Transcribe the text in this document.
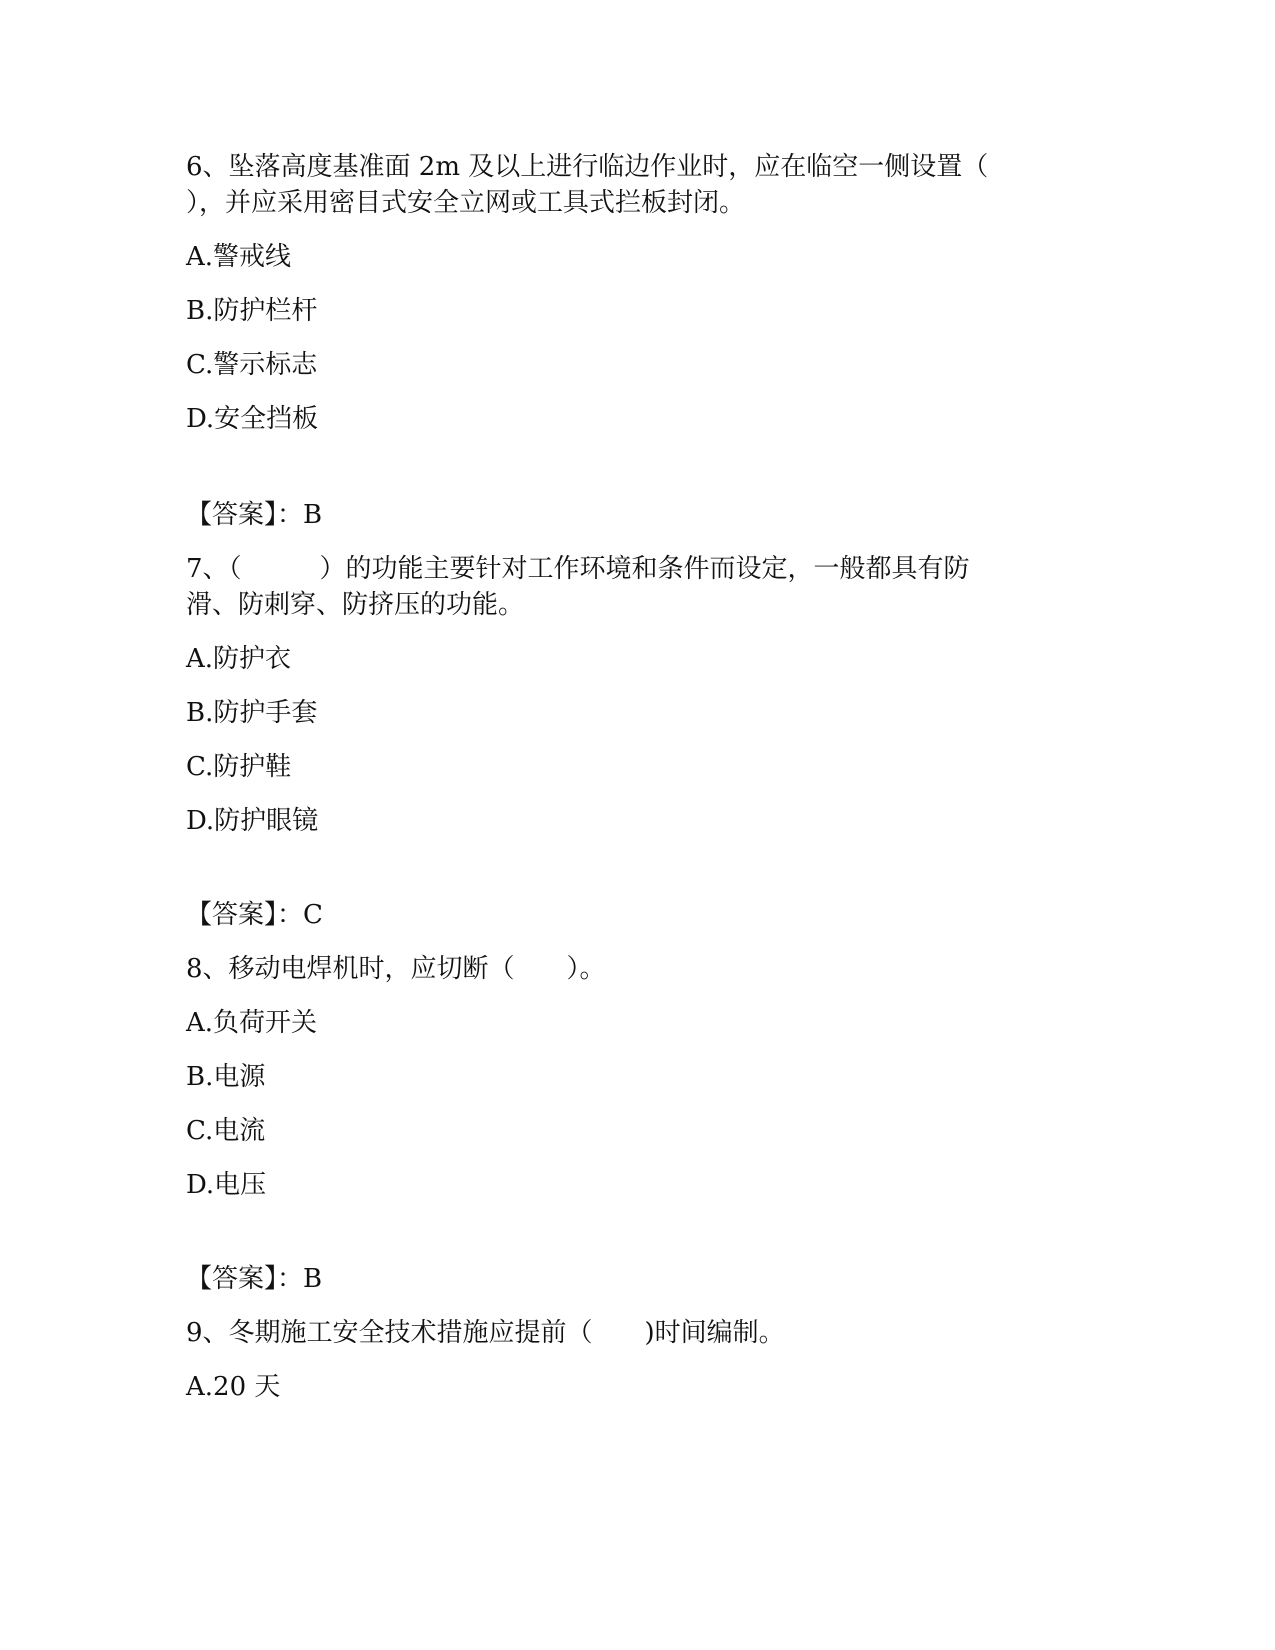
6、坠落高度基准面 2m 及以上进行临边作业时，应在临空一侧设置（
），并应采用密目式安全立网或工具式拦板封闭。
A.警戒线
B.防护栏杆
C.警示标志
D.安全挡板
【答案】：B
7、（　　　）的功能主要针对工作环境和条件而设定，一般都具有防
滑、防刺穿、防挤压的功能。
A.防护衣
B.防护手套
C.防护鞋
D.防护眼镜
【答案】：C
8、移动电焊机时，应切断（　　）。
A.负荷开关
B.电源
C.电流
D.电压
【答案】：B
9、冬期施工安全技术措施应提前（　　)时间编制。
A.20 天
